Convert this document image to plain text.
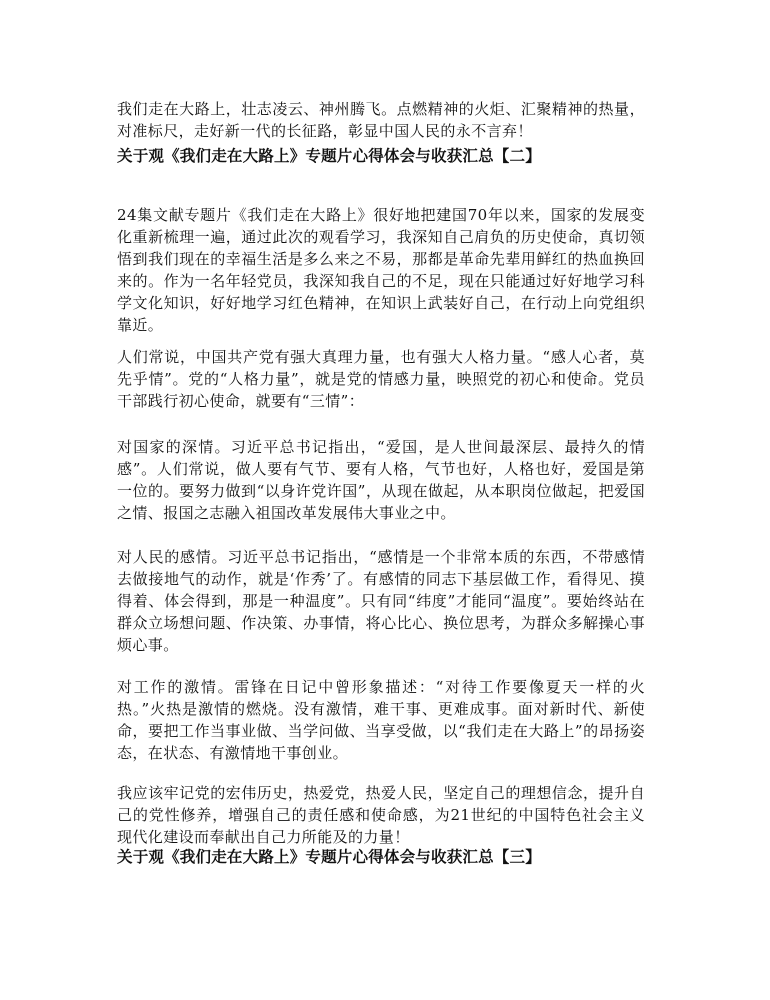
我们走在大路上，壮志凌云、神州腾飞。点燃精神的火炬、汇聚精神的热量，对准标尺，走好新一代的长征路，彰显中国人民的永不言弃！

关于观《我们走在大路上》专题片心得体会与收获汇总【二】

24集文献专题片《我们走在大路上》很好地把建国70年以来，国家的发展变化重新梳理一遍，通过此次的观看学习，我深知自己肩负的历史使命，真切领悟到我们现在的幸福生活是多么来之不易，那都是革命先辈用鲜红的热血换回来的。作为一名年轻党员，我深知我自己的不足，现在只能通过好好地学习科学文化知识，好好地学习红色精神，在知识上武装好自己，在行动上向党组织靠近。

人们常说，中国共产党有强大真理力量，也有强大人格力量。“感人心者，莫先乎情”。党的“人格力量”，就是党的情感力量，映照党的初心和使命。党员干部践行初心使命，就要有“三情”：

对国家的深情。习近平总书记指出，“爱国，是人世间最深层、最持久的情感”。人们常说，做人要有气节、要有人格，气节也好，人格也好，爱国是第一位的。要努力做到“以身许党许国”，从现在做起，从本职岗位做起，把爱国之情、报国之志融入祖国改革发展伟大事业之中。

对人民的感情。习近平总书记指出，“感情是一个非常本质的东西，不带感情去做接地气的动作，就是‘作秀’了。有感情的同志下基层做工作，看得见、摸得着、体会得到，那是一种温度”。只有同“纬度”才能同“温度”。要始终站在群众立场想问题、作决策、办事情，将心比心、换位思考，为群众多解操心事烦心事。

对工作的激情。雷锋在日记中曾形象描述：“对待工作要像夏天一样的火热。”火热是激情的燃烧。没有激情，难干事、更难成事。面对新时代、新使命，要把工作当事业做、当学问做、当享受做，以“我们走在大路上”的昂扬姿态，在状态、有激情地干事创业。

我应该牢记党的宏伟历史，热爱党，热爱人民，坚定自己的理想信念，提升自己的党性修养，增强自己的责任感和使命感，为21世纪的中国特色社会主义现代化建设而奉献出自己力所能及的力量！

关于观《我们走在大路上》专题片心得体会与收获汇总【三】
